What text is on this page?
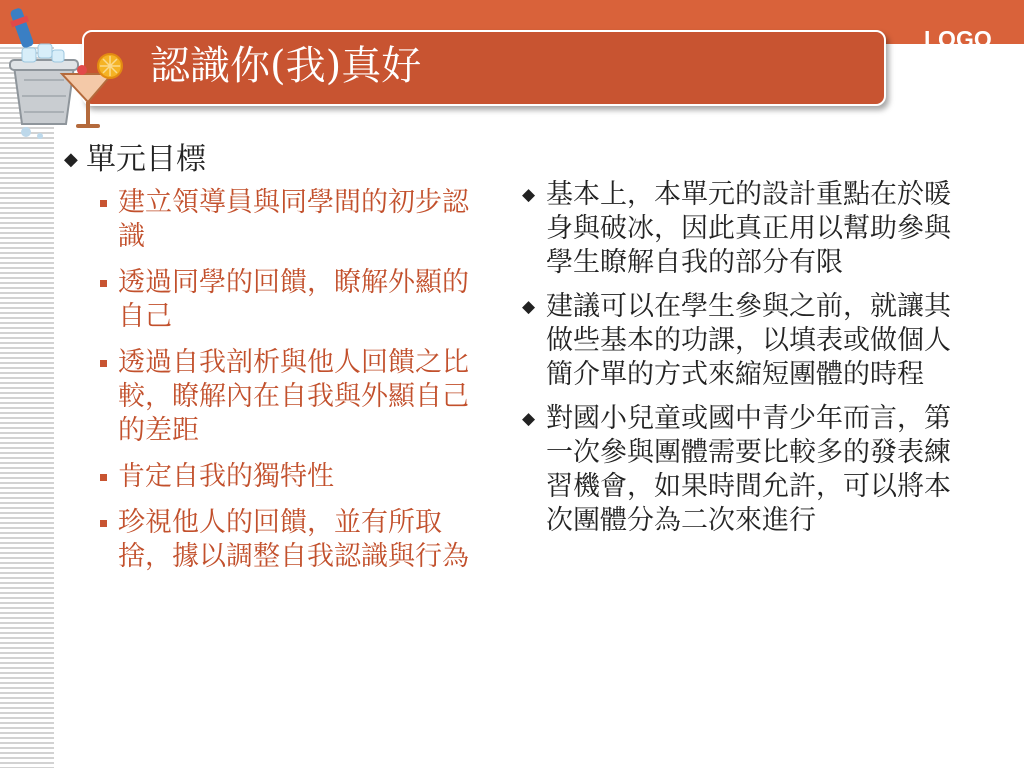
認識你(我)真好
LOGO
◆ 單元目標
建立領導員與同學間的初步認識
透過同學的回饋，瞭解外顯的自己
透過自我剖析與他人回饋之比較，瞭解內在自我與外顯自己的差距
肯定自我的獨特性
珍視他人的回饋，並有所取捨，據以調整自我認識與行為
◆ 基本上，本單元的設計重點在於暖身與破冰，因此真正用以幫助參與學生瞭解自我的部分有限
◆ 建議可以在學生參與之前，就讓其做些基本的功課，以填表或做個人簡介單的方式來縮短團體的時程
◆ 對國小兒童或國中青少年而言，第一次參與團體需要比較多的發表練習機會，如果時間允許，可以將本次團體分為二次來進行
